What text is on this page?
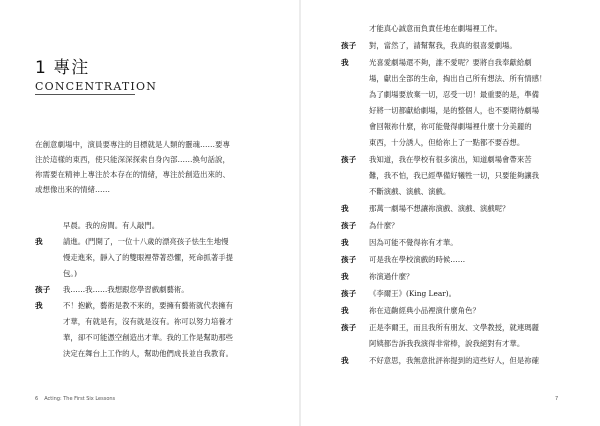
1 專注
CONCENTRATION

在創意劇場中，演員要專注的目標就是人類的靈魂……要專

注於這樣的東西，使只能深深探索自身內部……換句話說，

祢需要在精神上專注於本存在的情緒，專注於創造出來的、

或想像出來的情緒……

早晨。我的房間。有人敲門。
我	請進。(門開了，一位十八歲的漂亮孩子怯生生地慢
慢走進來，靜入了的雙眼裡帶著恐懼，死命抓著手提
包。)
孩子 我……我……我想跟您學習戲劇藝術。
我	不！抱歉，藝術是教不來的，要擁有藝術就代表擁有
才華，有就是有，沒有就是沒有。祢可以努力培養才
華，卻不可能憑空創造出才華。我的工作是幫助那些
決定在舞台上工作的人，幫助他們成長並自我教育。
6 Acting: The First Six Lessons
才能真心誠意而負責任地在劇場裡工作。
孩子 對，當然了，請幫幫我，我真的很喜愛劇場。
我	光喜愛劇場還不夠，誰不愛呢？要將自我奉獻給劇
場，獻出全部的生命，掏出自己所有想法、所有情感！
為了劇場要放棄一切，忍受一切！最重要的是，準備
好將一切都獻給劇場，是的整個人，也不要期待劇場
會回報祢什麼，祢可能覺得劇場裡什麼十分美麗的
東西，十分誘人，但給祢上了一點都不要吞想。
孩子 我知道，我在學校有很多演出，知道劇場會帶來苦
難，我不怕，我已經準備好犧牲一切，只要能夠讓我
不斷演戲、演戲、演戲。
我	那萬一劇場不想讓祢演戲、演戲、演戲呢？
孩子 為什麼？
我	因為可能不覺得祢有才華。
孩子 可是我在學校演戲的時候……
我	祢演過什麼？
孩子 《李爾王》(King Lear)。
我	祢在這齣經典小品裡演什麼角色？
孩子 正是李爾王，而且我所有朋友、文學教授，就連瑪麗
阿姨都告訴我我演得非常棒，說我絕對有才華。
我	不好意思，我無意批評祢提到的這些好人，但是祢確
7
